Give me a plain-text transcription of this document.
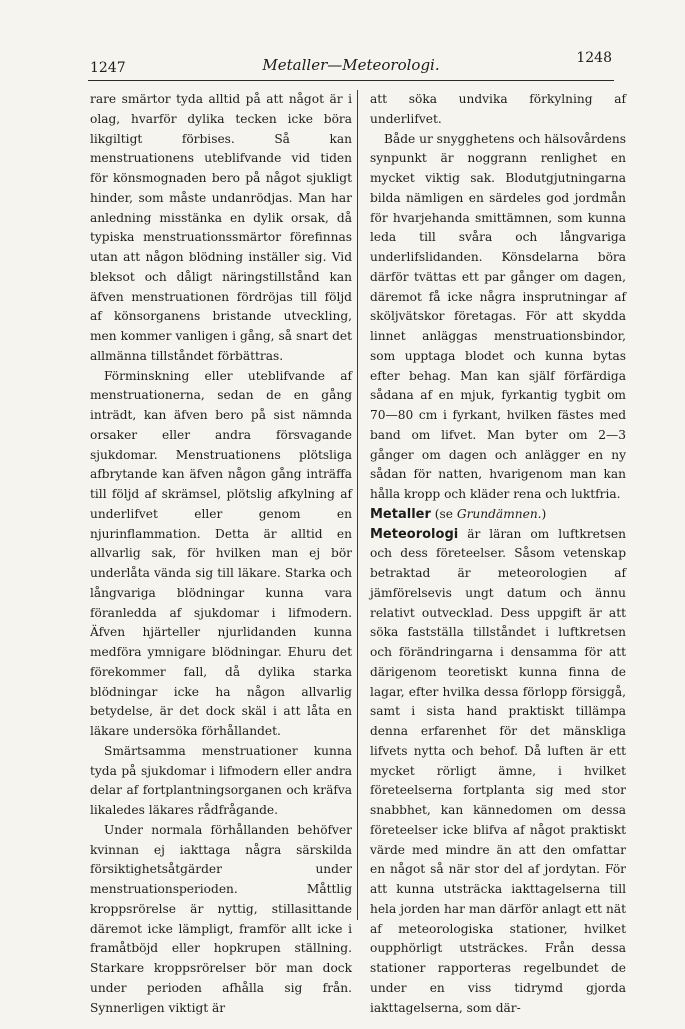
1247	Metaller—Meteorologi.	1248

rare smärtor tyda alltid på att något är i olag, hvarför dylika tecken icke böra likgiltigt förbises. Så kan menstruationens uteblifvande vid tiden för könsmognaden bero på något sjukligt hinder, som måste undanrödjas. Man har anledning misstänka en dylik orsak, då typiska menstruationssmärtor förefinnas utan att någon blödning inställer sig. Vid bleksot och dåligt näringstillstånd kan äfven menstruationen fördröjas till följd af könsorganens bristande utveckling, men kommer vanligen i gång, så snart det allmänna tillståndet förbättras.

Förminskning eller uteblifvande af menstruationerna, sedan de en gång inträdt, kan äfven bero på sist nämnda orsaker eller andra försvagande sjukdomar. Menstruationens plötsliga afbrytande kan äfven någon gång inträffa till följd af skrämsel, plötslig afkylning af underlifvet eller genom en njurinflammation. Detta är alltid en allvarlig sak, för hvilken man ej bör underlåta vända sig till läkare. Starka och långvariga blödningar kunna vara föranledda af sjukdomar i lifmodern. Äfven hjärteller njurlidanden kunna medföra ymnigare blödningar. Ehuru det förekommer fall, då dylika starka blödningar icke ha någon allvarlig betydelse, är det dock skäl i att låta en läkare undersöka förhållandet.

Smärtsamma menstruationer kunna tyda på sjukdomar i lifmodern eller andra delar af fortplantningsorganen och kräfva likaledes läkares rådfrågande.

Under normala förhållanden behöfver kvinnan ej iakttaga några särskilda försiktighetsåtgärder under menstruationsperioden. Måttlig kroppsrörelse är nyttig, stillasittande däremot icke lämpligt, framför allt icke i framåtböjd eller hopkrupen ställning. Starkare kroppsrörelser bör man dock under perioden afhålla sig från. Synnerligen viktigt är

att söka undvika förkylning af underlifvet.

Både ur snygghetens och hälsovårdens synpunkt är noggrann renlighet en mycket viktig sak. Blodutgjutningarna bilda nämligen en särdeles god jordmån för hvarjehanda smittämnen, som kunna leda till svåra och långvariga underlifslidanden. Könsdelarna böra därför tvättas ett par gånger om dagen, däremot få icke några insprutningar af sköljvätskor företagas. För att skydda linnet anläggas menstruationsbindor, som upptaga blodet och kunna bytas efter behag. Man kan själf förfärdiga sådana af en mjuk, fyrkantig tygbit om 70—80 cm i fyrkant, hvilken fästes med band om lifvet. Man byter om 2—3 gånger om dagen och anlägger en ny sådan för natten, hvarigenom man kan hålla kropp och kläder rena och luktfria.

Metaller (se Grundämnen.)

Meteorologi är läran om luftkretsen och dess företeelser. Såsom vetenskap betraktad är meteorologien af jämförelsevis ungt datum och ännu relativt outvecklad. Dess uppgift är att söka fastställa tillståndet i luftkretsen och förändringarna i densamma för att därigenom teoretiskt kunna finna de lagar, efter hvilka dessa förlopp försiggå, samt i sista hand praktiskt tillämpa denna erfarenhet för det mänskliga lifvets nytta och behof. Då luften är ett mycket rörligt ämne, i hvilket företeelserna fortplanta sig med stor snabbhet, kan kännedomen om dessa företeelser icke blifva af något praktiskt värde med mindre än att den omfattar en något så när stor del af jordytan. För att kunna utsträcka iakttagelserna till hela jorden har man därför anlagt ett nät af meteorologiska stationer, hvilket oupphörligt utsträckes. Från dessa stationer rapporteras regelbundet de under en viss tidrymd gjorda iakttagelserna, som där-
